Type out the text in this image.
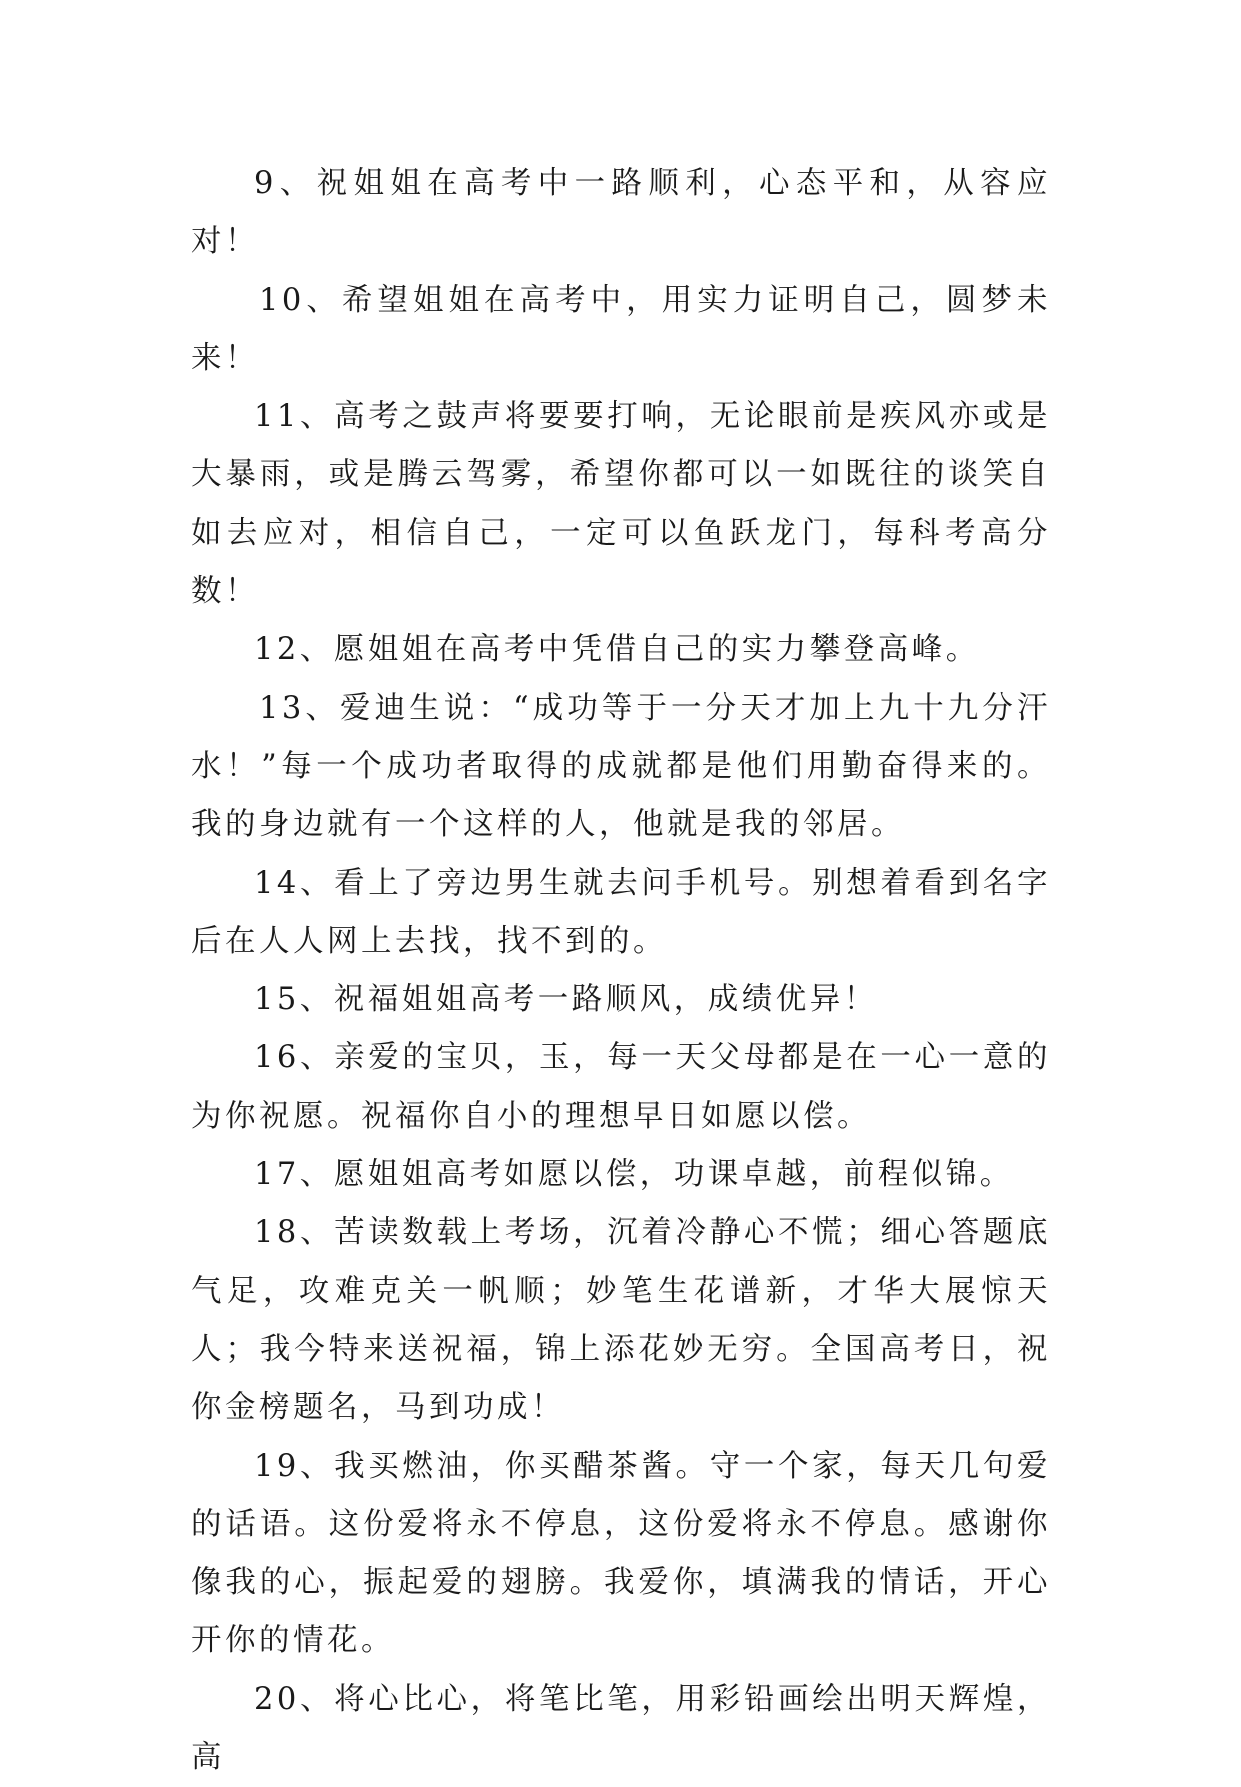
9、祝姐姐在高考中一路顺利，心态平和，从容应对！

10、希望姐姐在高考中，用实力证明自己，圆梦未来！

11、高考之鼓声将要要打响，无论眼前是疾风亦或是大暴雨，或是腾云驾雾，希望你都可以一如既往的谈笑自如去应对，相信自己，一定可以鱼跃龙门，每科考高分数！

12、愿姐姐在高考中凭借自己的实力攀登高峰。

13、爱迪生说：“成功等于一分天才加上九十九分汗水！”每一个成功者取得的成就都是他们用勤奋得来的。我的身边就有一个这样的人，他就是我的邻居。

14、看上了旁边男生就去问手机号。别想着看到名字后在人人网上去找，找不到的。

15、祝福姐姐高考一路顺风，成绩优异！

16、亲爱的宝贝，玉，每一天父母都是在一心一意的为你祝愿。祝福你自小的理想早日如愿以偿。

17、愿姐姐高考如愿以偿，功课卓越，前程似锦。

18、苦读数载上考场，沉着冷静心不慌；细心答题底气足，攻难克关一帆顺；妙笔生花谱新，才华大展惊天人；我今特来送祝福，锦上添花妙无穷。全国高考日，祝你金榜题名，马到功成！

19、我买燃油，你买醋茶酱。守一个家，每天几句爱的话语。这份爱将永不停息，这份爱将永不停息。感谢你像我的心，振起爱的翅膀。我爱你，填满我的情话，开心开你的情花。

20、将心比心，将笔比笔，用彩铅画绘出明天辉煌，高
